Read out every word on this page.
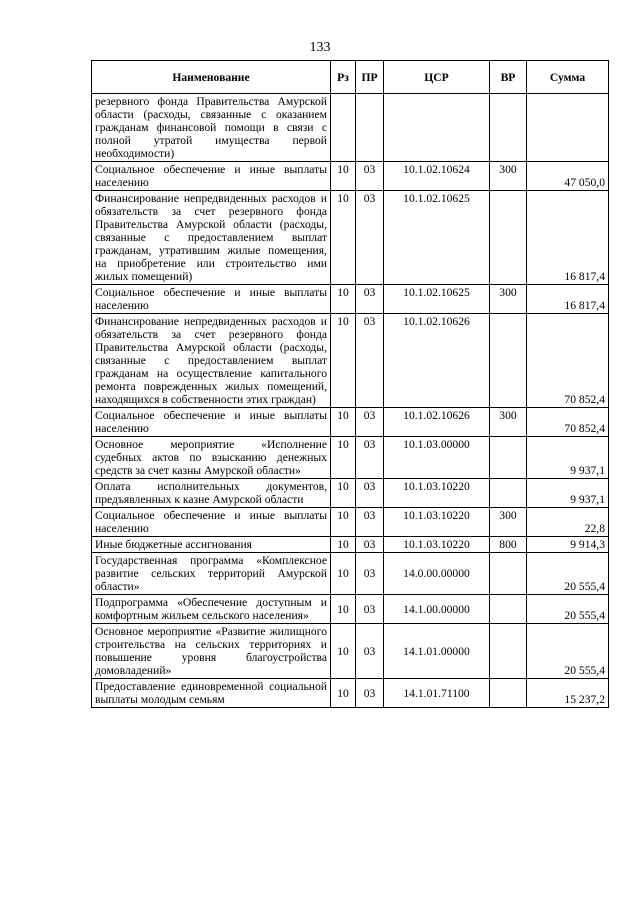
133
Наименование	Рз	ПР	ЦСР	ВР	Сумма
резервного фонда Правительства Амурской области (расходы, связанные с оказанием гражданам финансовой помощи в связи с полной утратой имущества первой необходимости)					
Социальное обеспечение и иные выплаты населению	10	03	10.1.02.10624	300	47 050,0
Финансирование непредвиденных расходов и обязательств за счет резервного фонда Правительства Амурской области (расходы, связанные с предоставлением выплат гражданам, утратившим жилые помещения, на приобретение или строительство ими жилых помещений)	10	03	10.1.02.10625		16 817,4
Социальное обеспечение и иные выплаты населению	10	03	10.1.02.10625	300	16 817,4
Финансирование непредвиденных расходов и обязательств за счет резервного фонда Правительства Амурской области (расходы, связанные с предоставлением выплат гражданам на осуществление капитального ремонта поврежденных жилых помещений, находящихся в собственности этих граждан)	10	03	10.1.02.10626		70 852,4
Социальное обеспечение и иные выплаты населению	10	03	10.1.02.10626	300	70 852,4
Основное мероприятие «Исполнение судебных актов по взысканию денежных средств за счет казны Амурской области»	10	03	10.1.03.00000		9 937,1
Оплата исполнительных документов, предъявленных к казне Амурской области	10	03	10.1.03.10220		9 937,1
Социальное обеспечение и иные выплаты населению	10	03	10.1.03.10220	300	22,8
Иные бюджетные ассигнования	10	03	10.1.03.10220	800	9 914,3
Государственная программа «Комплексное развитие сельских территорий Амурской области»	10	03	14.0.00.00000		20 555,4
Подпрограмма «Обеспечение доступным и комфортным жильем сельского населения»	10	03	14.1.00.00000		20 555,4
Основное мероприятие «Развитие жилищного строительства на сельских территориях и повышение уровня благоустройства домовладений»	10	03	14.1.01.00000		20 555,4
Предоставление единовременной социальной выплаты молодым семьям	10	03	14.1.01.71100		15 237,2
